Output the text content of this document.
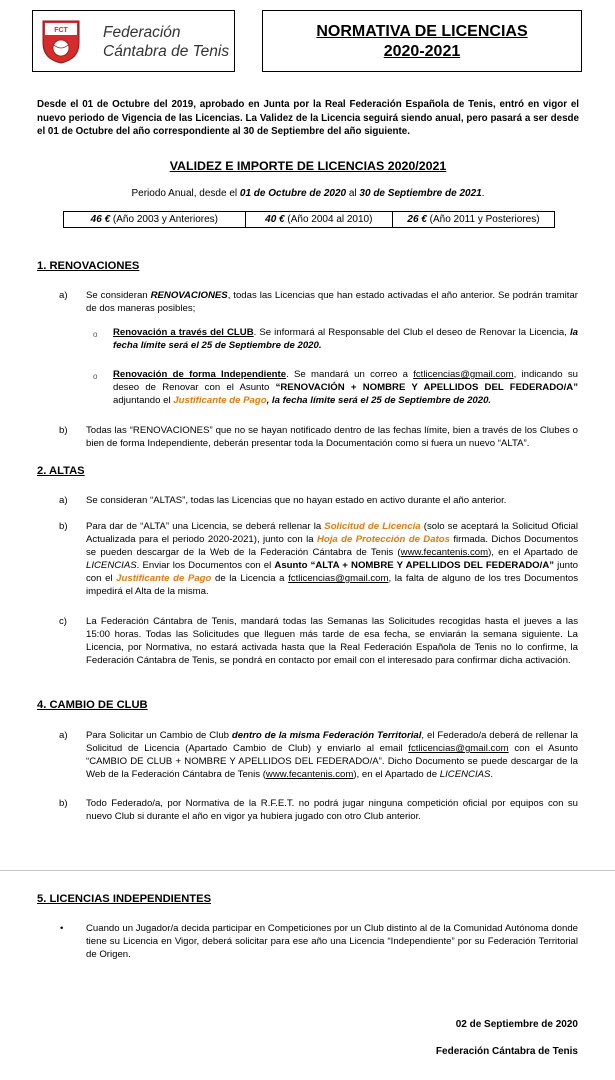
FCT Federación
Cántabra de Tenis
NORMATIVA DE LICENCIAS
2020-2021
Desde el 01 de Octubre del 2019, aprobado en Junta por la Real Federación Española de Tenis, entró en vigor el nuevo periodo de Vigencia de las Licencias. La Validez de la Licencia seguirá siendo anual, pero pasará a ser desde el 01 de Octubre del año correspondiente al 30 de Septiembre del año siguiente.
VALIDEZ E IMPORTE DE LICENCIAS 2020/2021
Periodo Anual, desde el 01 de Octubre de 2020 al 30 de Septiembre de 2021.
46 € (Año 2003 y Anteriores)	40 € (Año 2004 al 2010)	26 € (Año 2011 y Posteriores)
1. RENOVACIONES
a)	Se consideran RENOVACIONES, todas las Licencias que han estado activadas el año anterior. Se podrán tramitar de dos maneras posibles;
o Renovación a través del CLUB. Se informará al Responsable del Club el deseo de Renovar la Licencia, la fecha límite será el 25 de Septiembre de 2020.
o Renovación de forma Independiente. Se mandará un correo a fctlicencias@gmail.com, indicando su deseo de Renovar con el Asunto “RENOVACIÓN + NOMBRE Y APELLIDOS DEL FEDERADO/A” adjuntando el Justificante de Pago, la fecha límite será el 25 de Septiembre de 2020.
b)	Todas las “RENOVACIONES” que no se hayan notificado dentro de las fechas límite, bien a través de los Clubes o bien de forma Independiente, deberán presentar toda la Documentación como si fuera un nuevo “ALTA”.
2. ALTAS
a)	Se consideran “ALTAS”, todas las Licencias que no hayan estado en activo durante el año anterior.
b)	Para dar de “ALTA” una Licencia, se deberá rellenar la Solicitud de Licencia (solo se aceptará la Solicitud Oficial Actualizada para el periodo 2020-2021), junto con la Hoja de Protección de Datos firmada. Dichos Documentos se pueden descargar de la Web de la Federación Cántabra de Tenis (www.fecantenis.com), en el Apartado de LICENCIAS. Enviar los Documentos con el Asunto “ALTA + NOMBRE Y APELLIDOS DEL FEDERADO/A” junto con el Justificante de Pago de la Licencia a fctlicencias@gmail.com, la falta de alguno de los tres Documentos impedirá el Alta de la misma.
c)	La Federación Cántabra de Tenis, mandará todas las Semanas las Solicitudes recogidas hasta el jueves a las 15:00 horas. Todas las Solicitudes que lleguen más tarde de esa fecha, se enviarán la semana siguiente. La Licencia, por Normativa, no estará activada hasta que la Real Federación Española de Tenis no lo confirme, la Federación Cántabra de Tenis, se pondrá en contacto por email con el interesado para confirmar dicha activación.
4. CAMBIO DE CLUB
a)	Para Solicitar un Cambio de Club dentro de la misma Federación Territorial, el Federado/a deberá de rellenar la Solicitud de Licencia (Apartado Cambio de Club) y enviarlo al email fctlicencias@gmail.com con el Asunto “CAMBIO DE CLUB + NOMBRE Y APELLIDOS DEL FEDERADO/A”. Dicho Documento se puede descargar de la Web de la Federación Cántabra de Tenis (www.fecantenis.com), en el Apartado de LICENCIAS.
b)	Todo Federado/a, por Normativa de la R.F.E.T. no podrá jugar ninguna competición oficial por equipos con su nuevo Club si durante el año en vigor ya hubiera jugado con otro Club anterior.
5. LICENCIAS INDEPENDIENTES
• Cuando un Jugador/a decida participar en Competiciones por un Club distinto al de la Comunidad Autónoma donde tiene su Licencia en Vigor, deberá solicitar para ese año una Licencia “Independiente” por su Federación Territorial de Origen.
02 de Septiembre de 2020
Federación Cántabra de Tenis
